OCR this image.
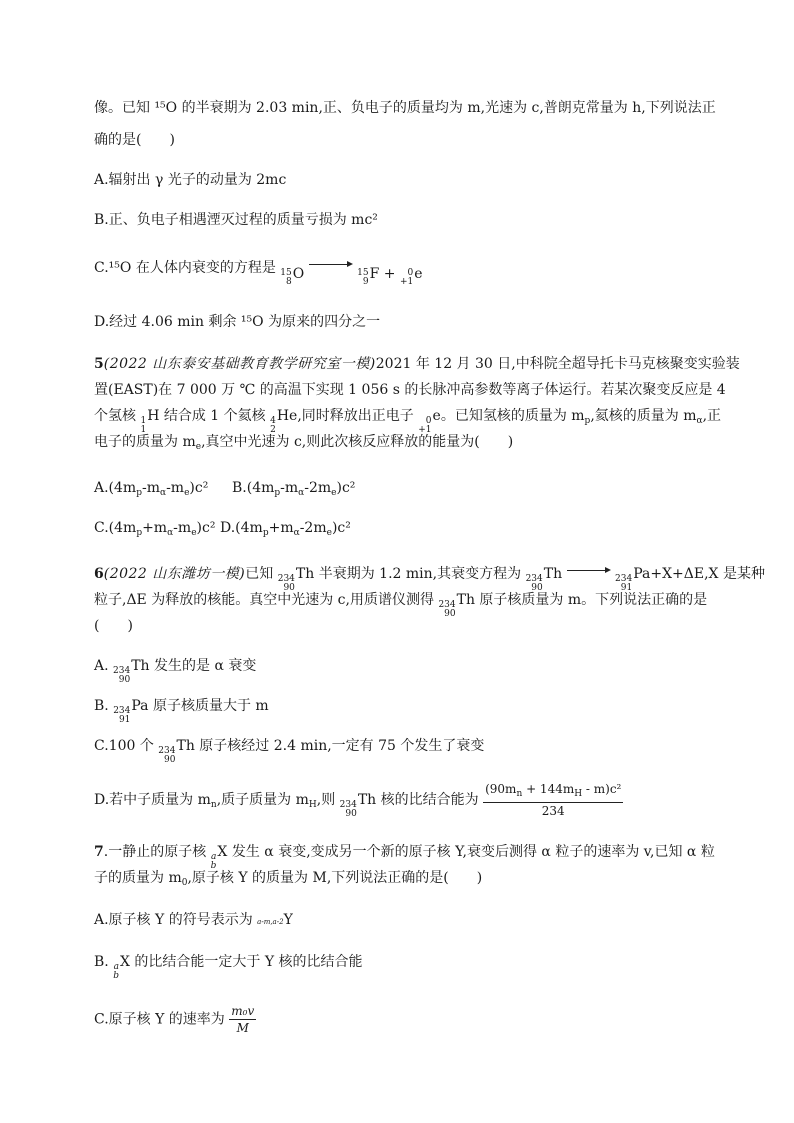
像。已知 ¹⁵O 的半衰期为 2.03 min,正、负电子的质量均为 m,光速为 c,普朗克常量为 h,下列说法正
确的是(　　)
A.辐射出 γ 光子的动量为 2mc
B.正、负电子相遇湮灭过程的质量亏损为 mc²
C.¹⁵O 在人体内衰变的方程是 15
8 O
	15
9 F +
0
+1 e
D.经过 4.06 min 剩余 ¹⁵O 为原来的四分之一
5(2022 山东泰安基础教育教学研究室一模)2021 年 12 月 30 日,中科院全超导托卡马克核聚变实验装
置(EAST)在 7 000 万 ℃ 的高温下实现 1 056 s 的长脉冲高参数等离子体运行。若某次聚变反应是 4
个氢核 1
1
H 结合成 1 个氦核 4
2
He,同时释放出正电子 0
+1
e。已知氢核的质量为 $m_p$,氦核的质量为 $m_\alpha$,正
电子的质量为 $m_e$,真空中光速为 c,则此次核反应释放的能量为(　　)
$A.(4m_p-m_\alpha-m_e)c^2$ $B.(4m_p-m_\alpha-2m_e)c^2$
$C.(4m_p+m_\alpha-m_e)c^2$ $D.(4m_p+m_\alpha-2m_e)c^2$
6(2022 山东潍坊一模)已知 234
90
Th 半衰期为 1.2 min,其衰变方程为 234
90
Th	234
91
Pa+X+ΔE,X 是某种
粒子,ΔE 为释放的核能。真空中光速为 c,用质谱仪测得 234
90
Th 原子核质量为 m。下列说法正确的是
(　　)
A. 234
90
Th 发生的是 α 衰变
B. 234
91
Pa 原子核质量大于 m
C.100 个 234
90
Th 原子核经过 2.4 min,一定有 75 个发生了衰变
D.若中子质量为 $m_n$,质子质量为 $m_H$,则 234
90
Th 核的比结合能为 $\frac{(90m_n + 144m_H - m)c^2}{234}$
7.一静止的原子核 a
b
X 发生 α 衰变,变成另一个新的原子核 Y,衰变后测得 α 粒子的速率为 v,已知 α 粒
子的质量为 $m_0$,原子核 Y 的质量为 M,下列说法正确的是(　　)
A.原子核 Y 的符号表示为 a-m,a-2Y
B. a
b
X 的比结合能一定大于 Y 核的比结合能
C.原子核 Y 的速率为 $\frac{\text{m₀v}}{M}$
